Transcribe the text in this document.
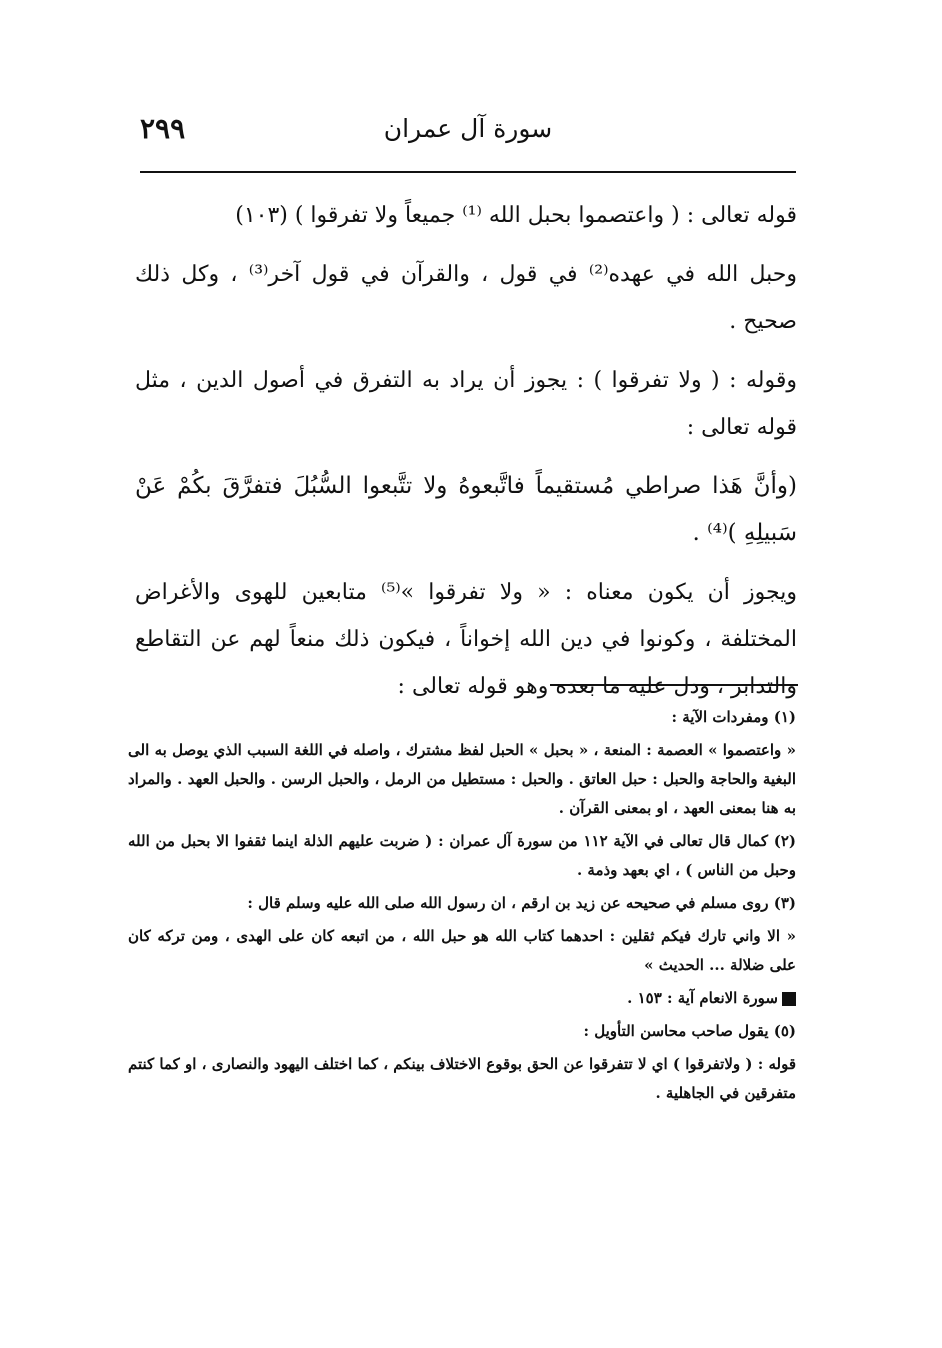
٢٩٩	سورة آل عمران

قوله تعالى : ( واعتصموا بحبل الله ⁽¹⁾ جميعاً ولا تفرقوا ) (١٠٣)

وحبل الله في عهده⁽²⁾ في قول ، والقرآن في قول آخر⁽³⁾ ، وكل ذلك صحيح .

وقوله : ( ولا تفرقوا ) : يجوز أن يراد به التفرق في أصول الدين ، مثل قوله تعالى :

(وأنَّ هَذا صراطي مُستقيماً فاتَّبعوهُ ولا تتَّبعوا السُّبُلَ فتفرَّقَ بكُمْ عَنْ سَبيلِهِ )⁽⁴⁾ .

ويجوز أن يكون معناه : « ولا تفرقوا »⁽⁵⁾ متابعين للهوى والأغراض المختلفة ، وكونوا في دين الله إخواناً ، فيكون ذلك منعاً لهم عن التقاطع والتدابر ، ودل عليه ما بعده وهو قوله تعالى :

(١) ومفردات الآية :

« واعتصموا » العصمة : المنعة ، « بحبل » الحبل لفظ مشترك ، واصله في اللغة السبب الذي يوصل به الى البغية والحاجة والحبل : حبل العاتق . والحبل : مستطيل من الرمل ، والحبل الرسن . والحبل العهد . والمراد به هنا بمعنى العهد ، او بمعنى القرآن .

(٢) كمال قال تعالى في الآية ١١٢ من سورة آل عمران : ( ضربت عليهم الذلة اينما ثقفوا الا بحبل من الله وحبل من الناس ) ، اي بعهد وذمة .

(٣) روى مسلم في صحيحه عن زيد بن ارقم ، ان رسول الله صلى الله عليه وسلم قال :

« الا واني تارك فيكم ثقلين : احدهما كتاب الله هو حبل الله ، من اتبعه كان على الهدى ، ومن تركه كان على ضلالة ... الحديث »

سورة الانعام آية : ١٥٣ .

(٥) يقول صاحب محاسن التأويل :

قوله : ( ولاتفرقوا ) اي لا تتفرقوا عن الحق بوقوع الاختلاف بينكم ، كما اختلف اليهود والنصارى ، او كما كنتم متفرقين في الجاهلية .
